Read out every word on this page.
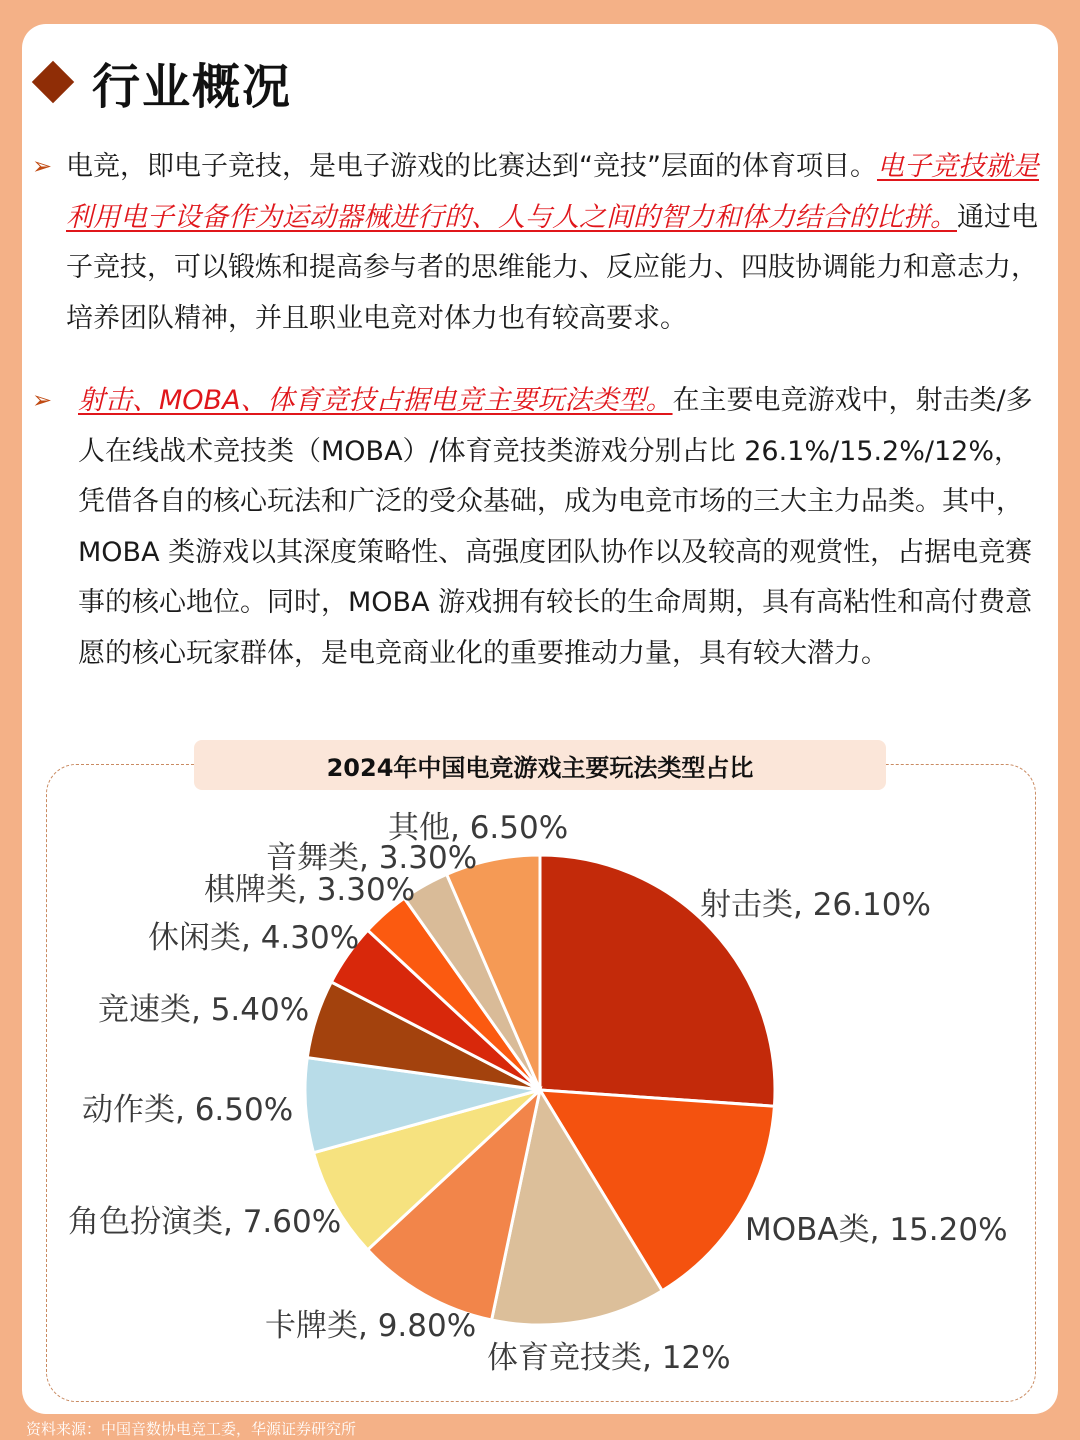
行业概况
➢ 电竞，即电子竞技，是电子游戏的比赛达到“竞技”层面的体育项目。电子竞技就是利用电子设备作为运动器械进行的、人与人之间的智力和体力结合的比拼。通过电子竞技，可以锻炼和提高参与者的思维能力、反应能力、四肢协调能力和意志力，培养团队精神，并且职业电竞对体力也有较高要求。
➢ 射击、MOBA、体育竞技占据电竞主要玩法类型。在主要电竞游戏中，射击类/多人在线战术竞技类（MOBA）/体育竞技类游戏分别占比 26.1%/15.2%/12%，凭借各自的核心玩法和广泛的受众基础，成为电竞市场的三大主力品类。其中，MOBA 类游戏以其深度策略性、高强度团队协作以及较高的观赏性，占据电竞赛事的核心地位。同时，MOBA 游戏拥有较长的生命周期，具有高粘性和高付费意愿的核心玩家群体，是电竞商业化的重要推动力量，具有较大潜力。
2024年中国电竞游戏主要玩法类型占比
射击类, 26.10%
MOBA类, 15.20%
体育竞技类, 12%
卡牌类, 9.80%
角色扮演类, 7.60%
动作类, 6.50%
竞速类, 5.40%
休闲类, 4.30%
棋牌类, 3.30%
音舞类, 3.30%
其他, 6.50%
资料来源：中国音数协电竞工委，华源证券研究所
